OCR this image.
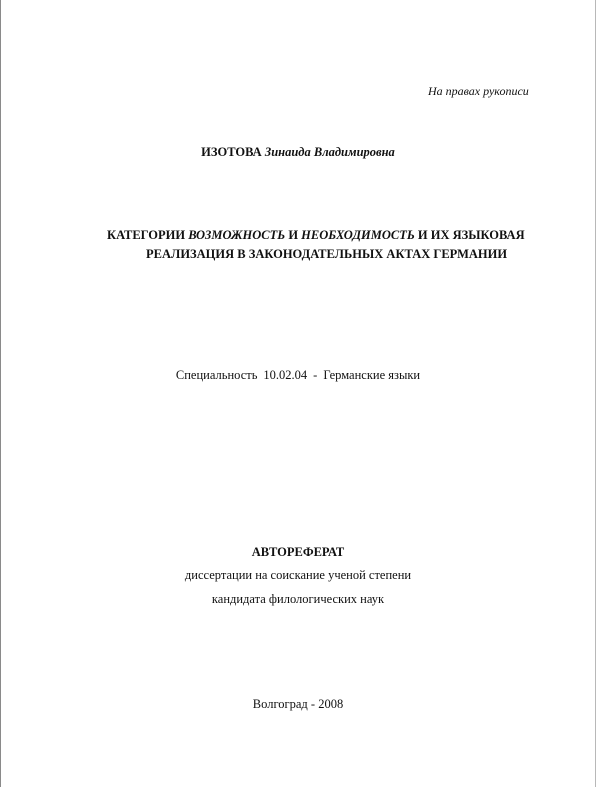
На правах рукописи
ИЗОТОВА Зинаида Владимировна
КАТЕГОРИИ ВОЗМОЖНОСТЬ И НЕОБХОДИМОСТЬ И ИХ ЯЗЫКОВАЯ
РЕАЛИЗАЦИЯ В ЗАКОНОДАТЕЛЬНЫХ АКТАХ ГЕРМАНИИ
Специальность 10.02.04 - Германские языки
АВТОРЕФЕРАТ
диссертации на соискание ученой степени
кандидата филологических наук
Волгоград - 2008
